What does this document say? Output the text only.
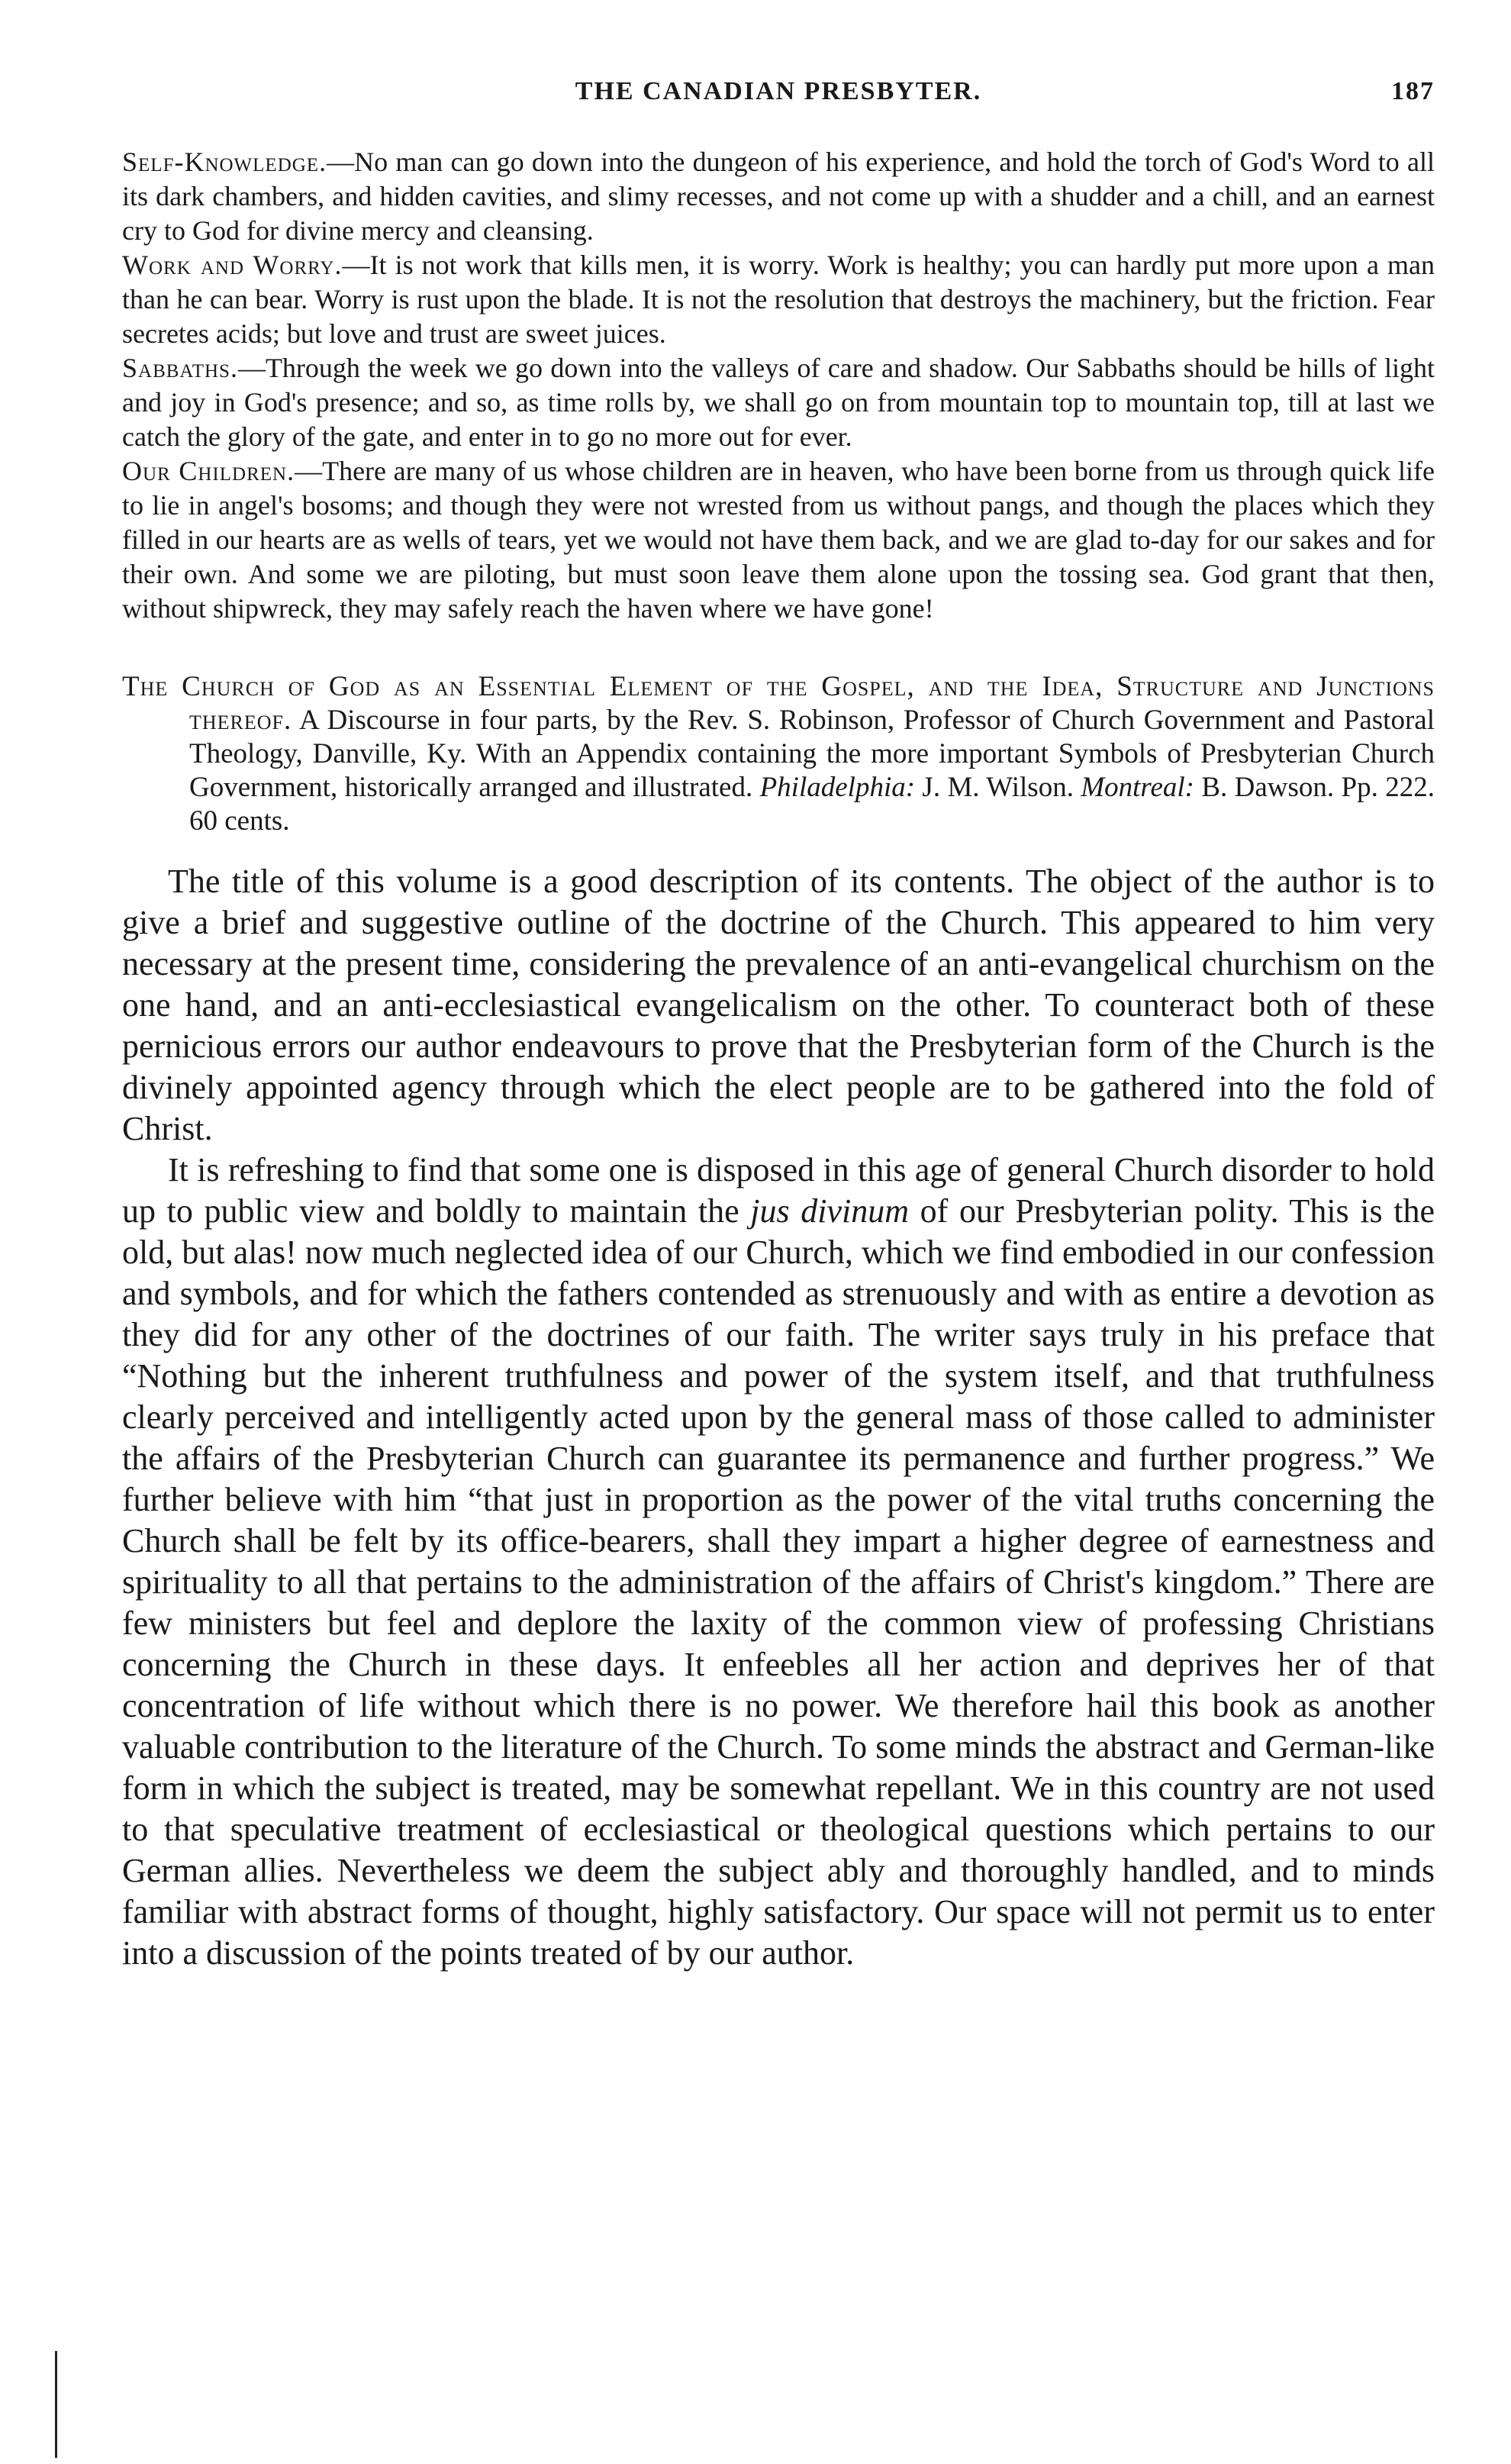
THE CANADIAN PRESBYTER.	187

Self-Knowledge.—No man can go down into the dungeon of his experience, and hold the torch of God's Word to all its dark chambers, and hidden cavities, and slimy recesses, and not come up with a shudder and a chill, and an earnest cry to God for divine mercy and cleansing.

Work and Worry.—It is not work that kills men, it is worry. Work is healthy; you can hardly put more upon a man than he can bear. Worry is rust upon the blade. It is not the resolution that destroys the machinery, but the friction. Fear secretes acids; but love and trust are sweet juices.

Sabbaths.—Through the week we go down into the valleys of care and shadow. Our Sabbaths should be hills of light and joy in God's presence; and so, as time rolls by, we shall go on from mountain top to mountain top, till at last we catch the glory of the gate, and enter in to go no more out for ever.

Our Children.—There are many of us whose children are in heaven, who have been borne from us through quick life to lie in angel's bosoms; and though they were not wrested from us without pangs, and though the places which they filled in our hearts are as wells of tears, yet we would not have them back, and we are glad to-day for our sakes and for their own. And some we are piloting, but must soon leave them alone upon the tossing sea. God grant that then, without shipwreck, they may safely reach the haven where we have gone!

The Church of God as an Essential Element of the Gospel, and the Idea, Structure and Junctions thereof. A Discourse in four parts, by the Rev. S. Robinson, Professor of Church Government and Pastoral Theology, Danville, Ky. With an Appendix containing the more important Symbols of Presbyterian Church Government, historically arranged and illustrated. Philadelphia: J. M. Wilson. Montreal: B. Dawson. Pp. 222. 60 cents.

The title of this volume is a good description of its contents. The object of the author is to give a brief and suggestive outline of the doctrine of the Church. This appeared to him very necessary at the present time, considering the prevalence of an anti-evangelical churchism on the one hand, and an anti-ecclesiastical evangelicalism on the other. To counteract both of these pernicious errors our author endeavours to prove that the Presbyterian form of the Church is the divinely appointed agency through which the elect people are to be gathered into the fold of Christ.

It is refreshing to find that some one is disposed in this age of general Church disorder to hold up to public view and boldly to maintain the jus divinum of our Presbyterian polity. This is the old, but alas! now much neglected idea of our Church, which we find embodied in our confession and symbols, and for which the fathers contended as strenuously and with as entire a devotion as they did for any other of the doctrines of our faith. The writer says truly in his preface that “Nothing but the inherent truthfulness and power of the system itself, and that truthfulness clearly perceived and intelligently acted upon by the general mass of those called to administer the affairs of the Presbyterian Church can guarantee its permanence and further progress.” We further believe with him “that just in proportion as the power of the vital truths concerning the Church shall be felt by its office-bearers, shall they impart a higher degree of earnestness and spirituality to all that pertains to the administration of the affairs of Christ's kingdom.” There are few ministers but feel and deplore the laxity of the common view of professing Christians concerning the Church in these days. It enfeebles all her action and deprives her of that concentration of life without which there is no power. We therefore hail this book as another valuable contribution to the literature of the Church. To some minds the abstract and German-like form in which the subject is treated, may be somewhat repellant. We in this country are not used to that speculative treatment of ecclesiastical or theological questions which pertains to our German allies. Nevertheless we deem the subject ably and thoroughly handled, and to minds familiar with abstract forms of thought, highly satisfactory. Our space will not permit us to enter into a discussion of the points treated of by our author.
